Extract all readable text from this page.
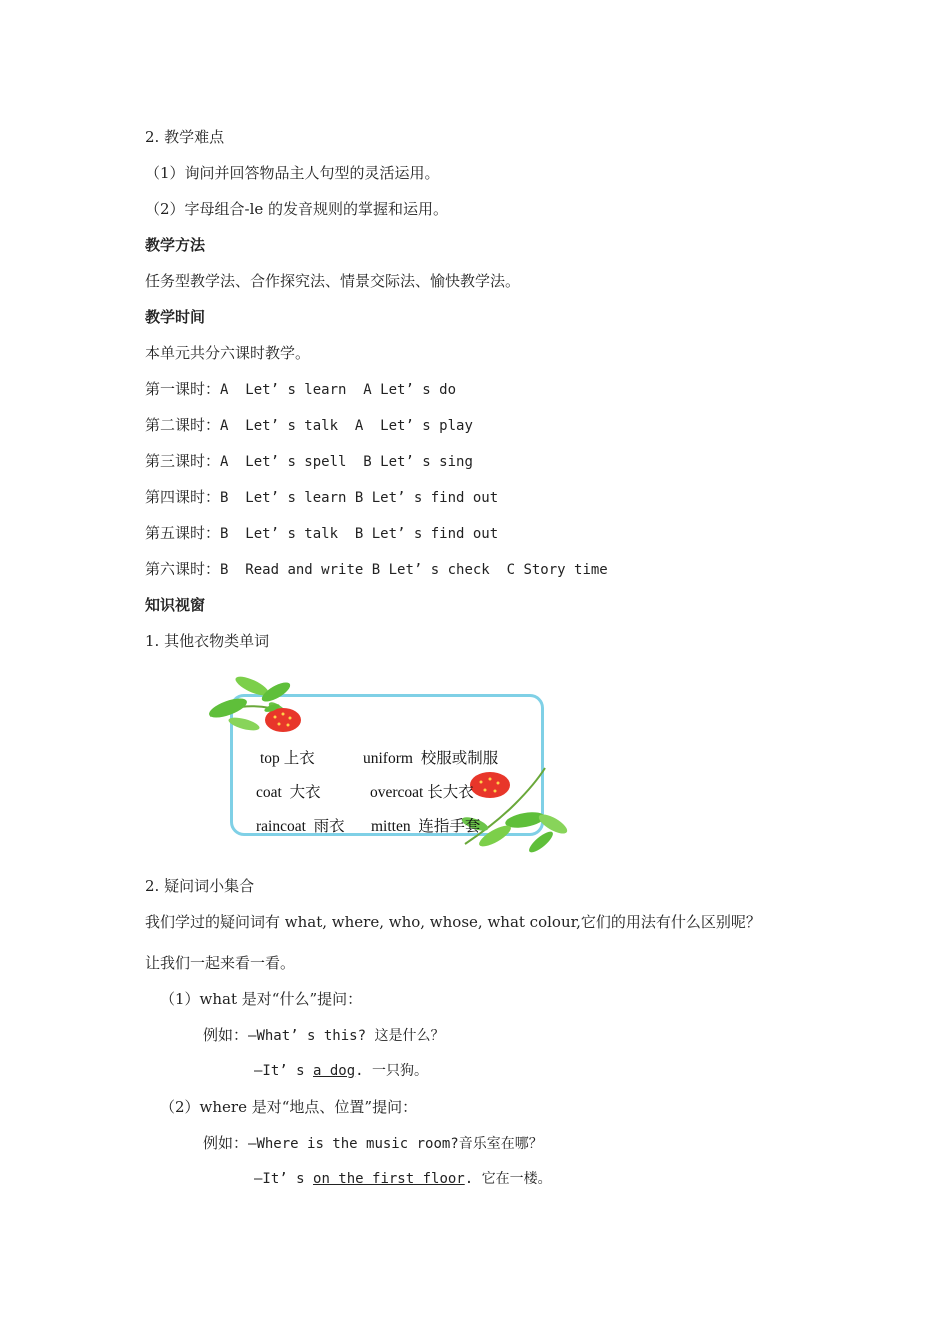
2. 教学难点
（1）询问并回答物品主人句型的灵活运用。
（2）字母组合-le 的发音规则的掌握和运用。
教学方法
任务型教学法、合作探究法、情景交际法、愉快教学法。
教学时间
本单元共分六课时教学。
第一课时：A  Let’ s learn  A Let’ s do
第二课时：A  Let’ s talk  A  Let’ s play
第三课时：A  Let’ s spell  B Let’ s sing
第四课时：B  Let’ s learn B Let’ s find out
第五课时：B  Let’ s talk  B Let’ s find out
第六课时：B  Read and write B Let’ s check  C Story time
知识视窗
1. 其他衣物类单词
top 上衣	uniform 校服或制服
coat 大衣	overcoat 长大衣
raincoat 雨衣 mitten 连指手套
2. 疑问词小集合
我们学过的疑问词有 what, where, who, whose, what colour,它们的用法有什么区别呢？
让我们一起来看一看。
（1）what 是对“什么”提问：
例如：—What’ s this? 这是什么？
—It’ s a dog. 一只狗。
（2）where 是对“地点、位置”提问：
例如：—Where is the music room?音乐室在哪？
—It’ s on the first floor. 它在一楼。
